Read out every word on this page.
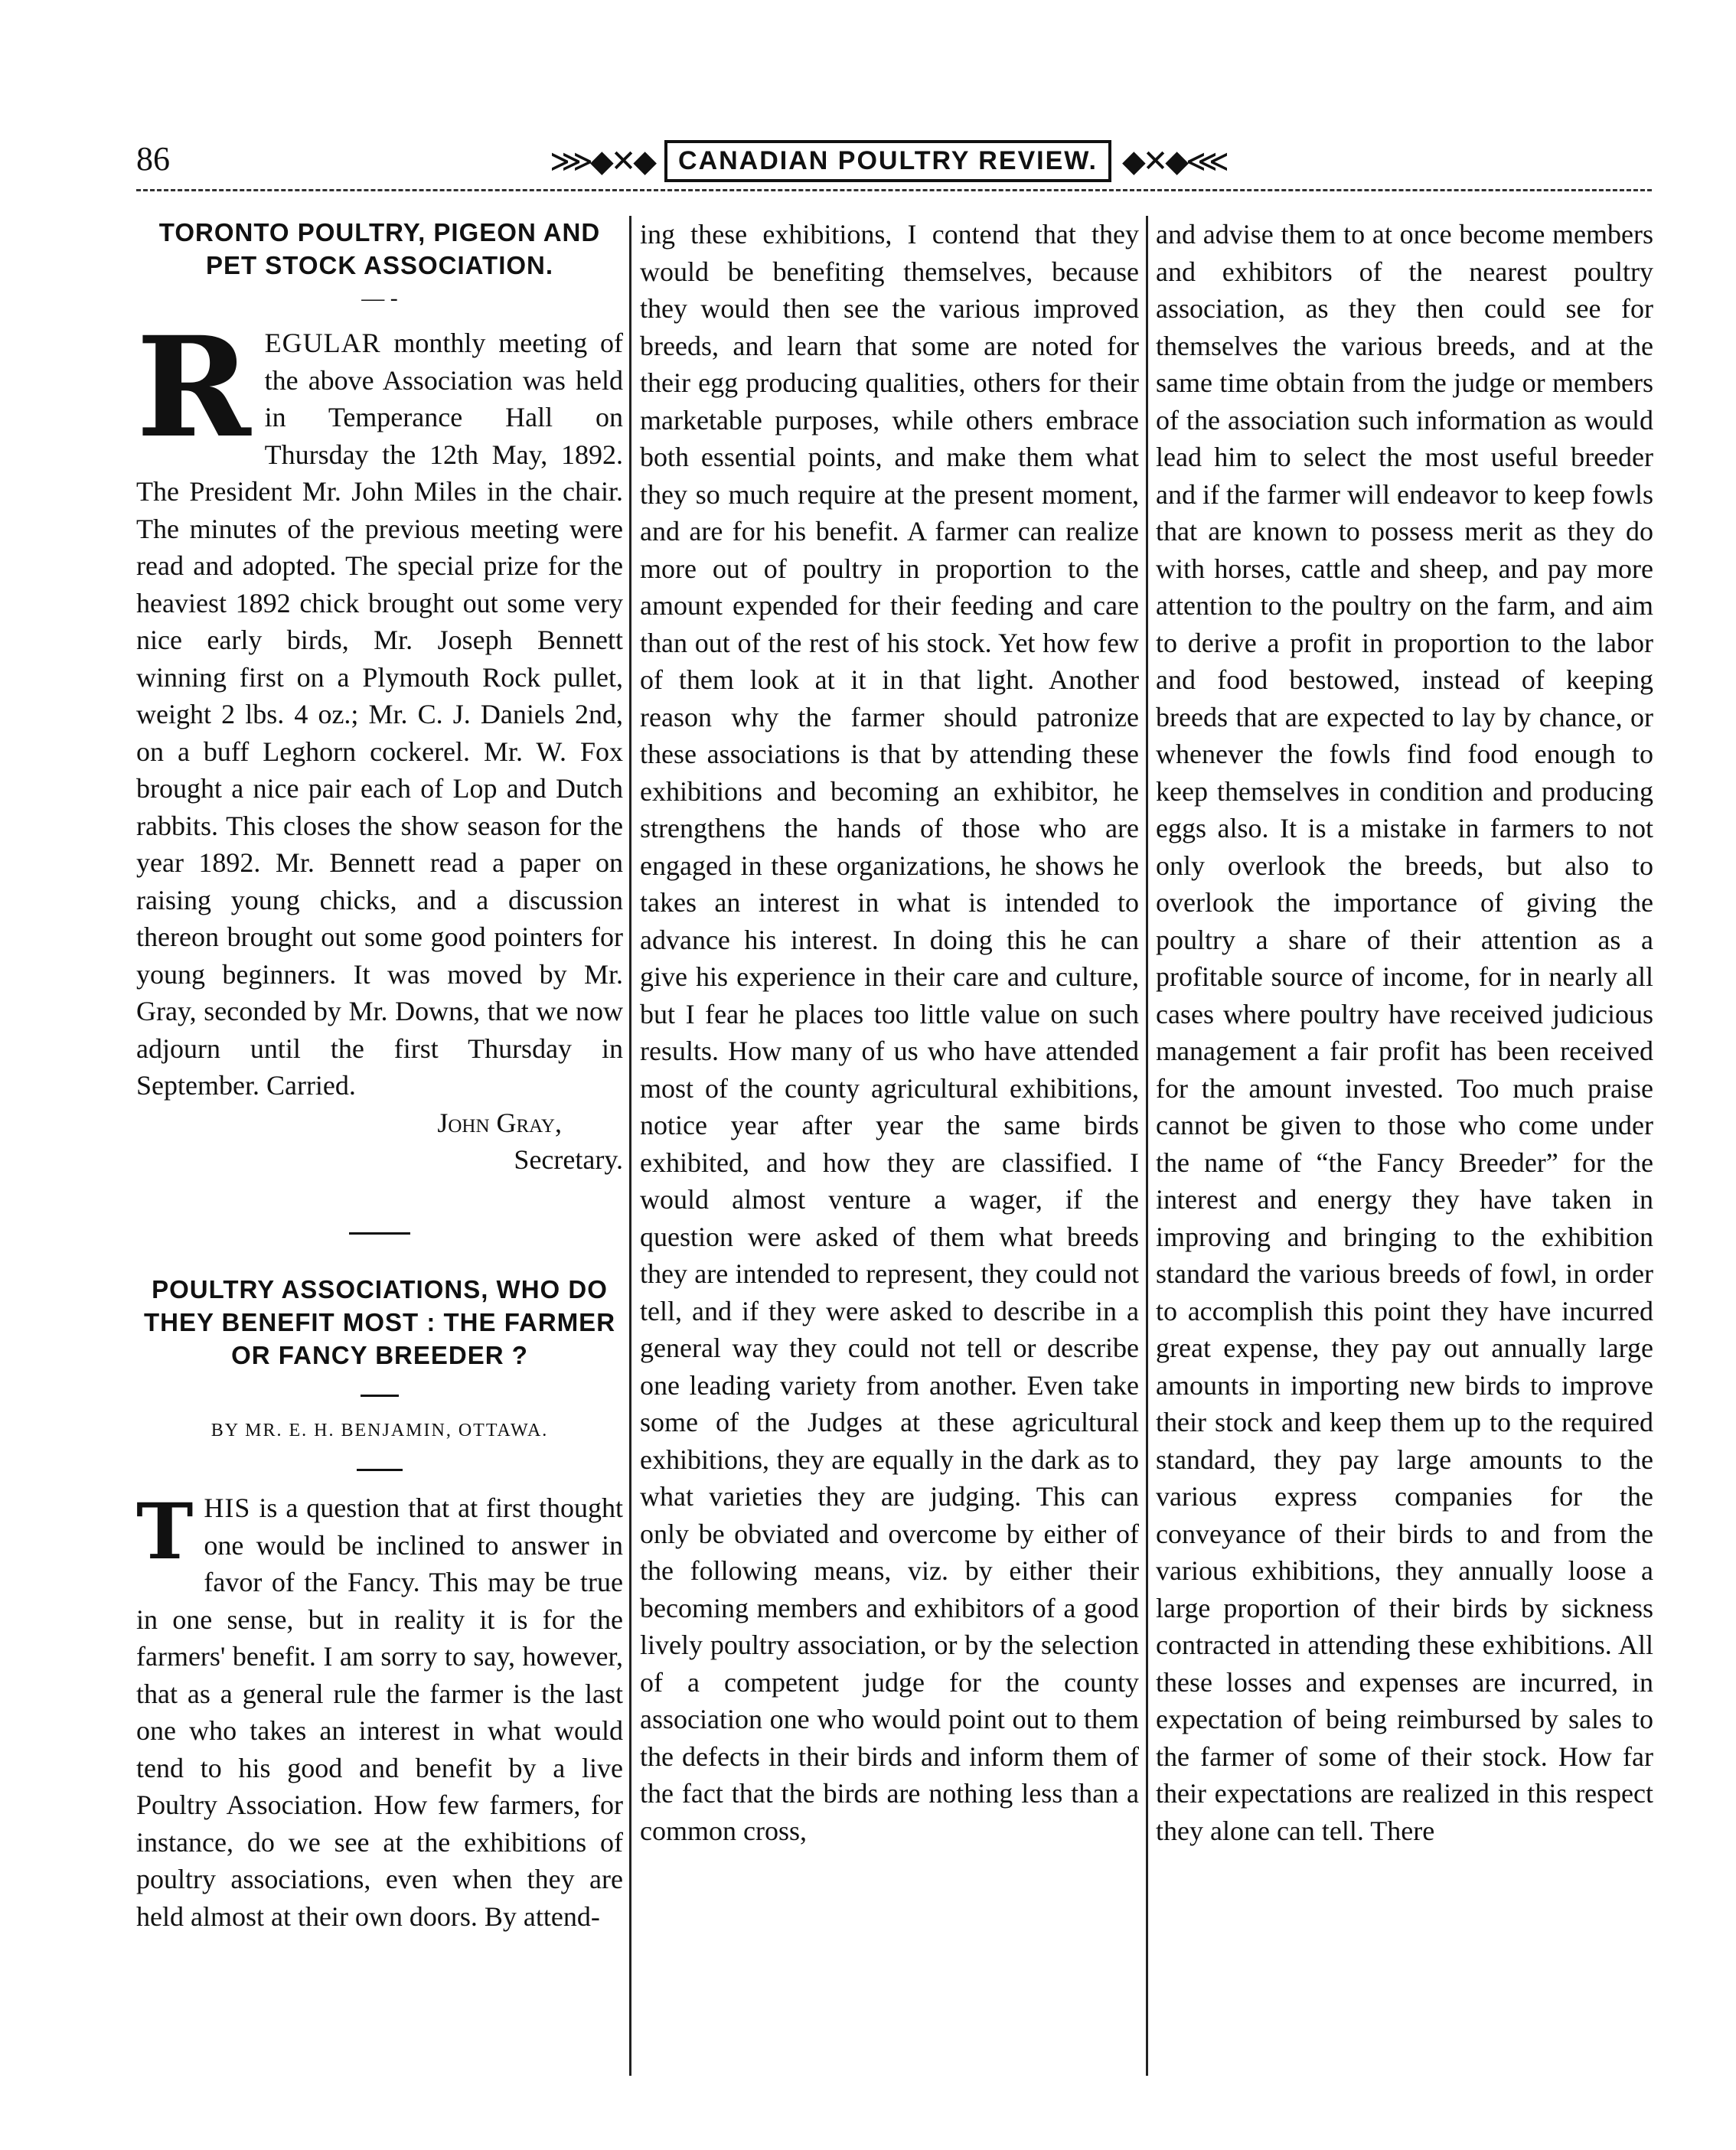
86	⋙◆✕◆ CANADIAN POULTRY REVIEW. ◆✕◆⋘
TORONTO POULTRY, PIGEON AND PET STOCK ASSOCIATION.
— -

REGULAR monthly meeting of the above Association was held in Temperance Hall on Thursday the 12th May, 1892. The President Mr. John Miles in the chair. The minutes of the previous meeting were read and adopted. The special prize for the heaviest 1892 chick brought out some very nice early birds, Mr. Joseph Bennett winning first on a Plymouth Rock pullet, weight 2 lbs. 4 oz.; Mr. C. J. Daniels 2nd, on a buff Leghorn cockerel. Mr. W. Fox brought a nice pair each of Lop and Dutch rabbits. This closes the show season for the year 1892. Mr. Bennett read a paper on raising young chicks, and a discussion thereon brought out some good pointers for young beginners. It was moved by Mr. Gray, seconded by Mr. Downs, that we now adjourn until the first Thursday in September. Carried.

John Gray,

Secretary.

POULTRY ASSOCIATIONS, WHO DO THEY BENEFIT MOST : THE FARMER OR FANCY BREEDER ?
BY MR. E. H. BENJAMIN, OTTAWA.

THIS is a question that at first thought one would be inclined to answer in favor of the Fancy. This may be true in one sense, but in reality it is for the farmers' benefit. I am sorry to say, however, that as a general rule the farmer is the last one who takes an interest in what would tend to his good and benefit by a live Poultry Association. How few farmers, for instance, do we see at the exhibitions of poultry associations, even when they are held almost at their own doors. By attend-

ing these exhibitions, I contend that they would be benefiting themselves, because they would then see the various improved breeds, and learn that some are noted for their egg producing qualities, others for their marketable purposes, while others embrace both essential points, and make them what they so much require at the present moment, and are for his benefit. A farmer can realize more out of poultry in proportion to the amount expended for their feeding and care than out of the rest of his stock. Yet how few of them look at it in that light. Another reason why the farmer should patronize these associations is that by attending these exhibitions and becoming an exhibitor, he strengthens the hands of those who are engaged in these organizations, he shows he takes an interest in what is intended to advance his interest. In doing this he can give his experience in their care and culture, but I fear he places too little value on such results. How many of us who have attended most of the county agricultural exhibitions, notice year after year the same birds exhibited, and how they are classified. I would almost venture a wager, if the question were asked of them what breeds they are intended to represent, they could not tell, and if they were asked to describe in a general way they could not tell or describe one leading variety from another. Even take some of the Judges at these agricultural exhibitions, they are equally in the dark as to what varieties they are judging. This can only be obviated and overcome by either of the following means, viz. by either their becoming members and exhibitors of a good lively poultry association, or by the selection of a competent judge for the county association one who would point out to them the defects in their birds and inform them of the fact that the birds are nothing less than a common cross,

and advise them to at once become members and exhibitors of the nearest poultry association, as they then could see for themselves the various breeds, and at the same time obtain from the judge or members of the association such information as would lead him to select the most useful breeder and if the farmer will endeavor to keep fowls that are known to possess merit as they do with horses, cattle and sheep, and pay more attention to the poultry on the farm, and aim to derive a profit in proportion to the labor and food bestowed, instead of keeping breeds that are expected to lay by chance, or whenever the fowls find food enough to keep themselves in condition and producing eggs also. It is a mistake in farmers to not only overlook the breeds, but also to overlook the importance of giving the poultry a share of their attention as a profitable source of income, for in nearly all cases where poultry have received judicious management a fair profit has been received for the amount invested. Too much praise cannot be given to those who come under the name of “the Fancy Breeder” for the interest and energy they have taken in improving and bringing to the exhibition standard the various breeds of fowl, in order to accomplish this point they have incurred great expense, they pay out annually large amounts in importing new birds to improve their stock and keep them up to the required standard, they pay large amounts to the various express companies for the conveyance of their birds to and from the various exhibitions, they annually loose a large proportion of their birds by sickness contracted in attending these exhibitions. All these losses and expenses are incurred, in expectation of being reimbursed by sales to the farmer of some of their stock. How far their expectations are realized in this respect they alone can tell. There
